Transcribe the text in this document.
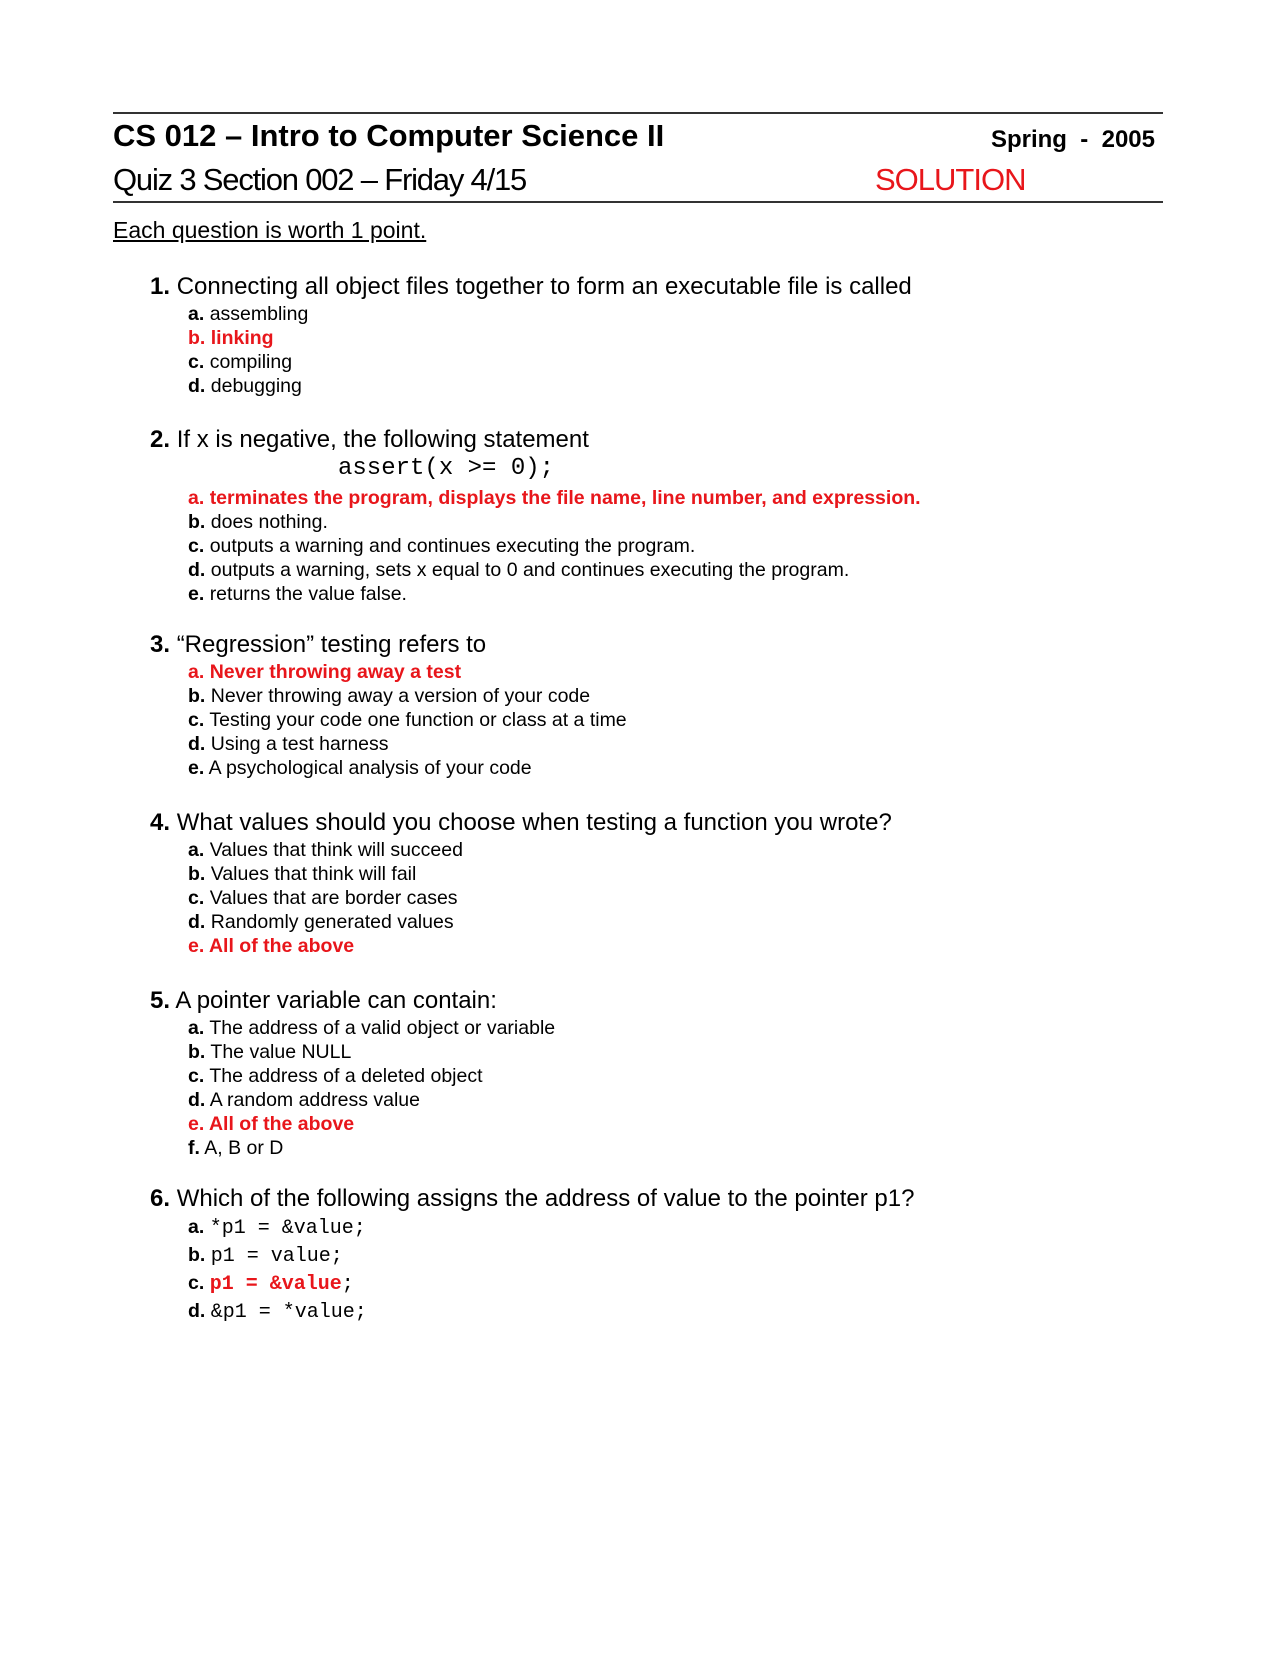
CS 012 – Intro to Computer Science II	Spring  -  2005
Quiz 3 Section 002 – Friday 4/15	SOLUTION
Each question is worth 1 point.
1. Connecting all object files together to form an executable file is called
a. assembling
b. linking
c. compiling
d. debugging
2. If x is negative, the following statement
assert(x >= 0);
a. terminates the program, displays the file name, line number, and expression.
b. does nothing.
c. outputs a warning and continues executing the program.
d. outputs a warning, sets x equal to 0 and continues executing the program.
e. returns the value false.
3. “Regression” testing refers to
a. Never throwing away a test
b. Never throwing away a version of your code
c. Testing your code one function or class at a time
d. Using a test harness
e. A psychological analysis of your code
4. What values should you choose when testing a function you wrote?
a. Values that think will succeed
b. Values that think will fail
c. Values that are border cases
d. Randomly generated values
e. All of the above
5. A pointer variable can contain:
a. The address of a valid object or variable
b. The value NULL
c. The address of a deleted object
d. A random address value
e. All of the above
f. A, B or D
6. Which of the following assigns the address of value to the pointer p1?
a. *p1 = &value;
b. p1 = value;
c. p1 = &value;
d. &p1 = *value;
